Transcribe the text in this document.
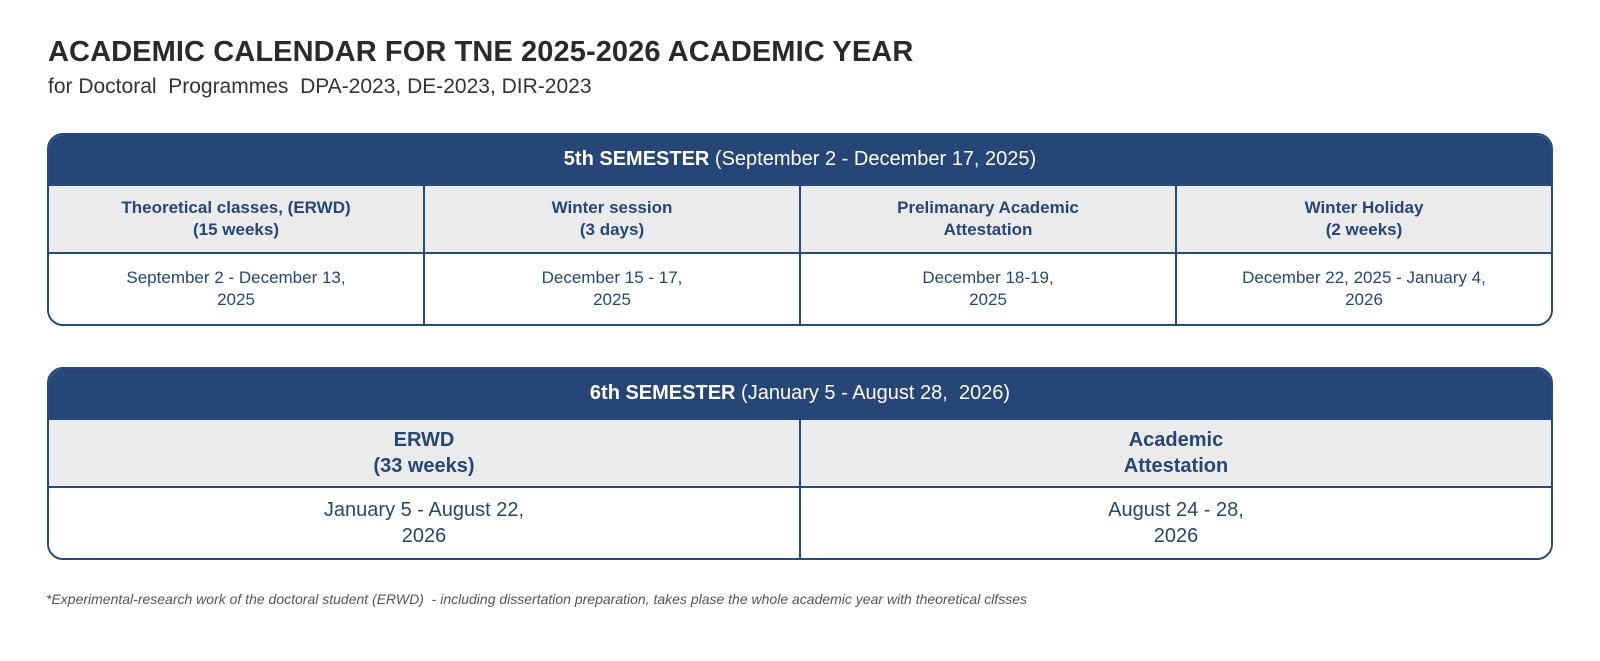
ACADEMIC CALENDAR FOR TNE 2025-2026 ACADEMIC YEAR
for Doctoral  Programmes  DPA-2023, DE-2023, DIR-2023
5th SEMESTER (September 2 - December 17, 2025)
Theoretical classes, (ERWD)
(15 weeks)
Winter session
(3 days)
Prelimanary Academic
Attestation
Winter Holiday
(2 weeks)
September 2 - December 13,
2025
December 15 - 17,
2025
December 18-19,
2025
December 22, 2025 - January 4,
2026
6th SEMESTER (January 5 - August 28,  2026)
ERWD
(33 weeks)
Academic
Attestation
January 5 - August 22,
2026
August 24 - 28,
2026
*Experimental-research work of the doctoral student (ERWD)  - including dissertation preparation, takes plase the whole academic year with theoretical clfsses
